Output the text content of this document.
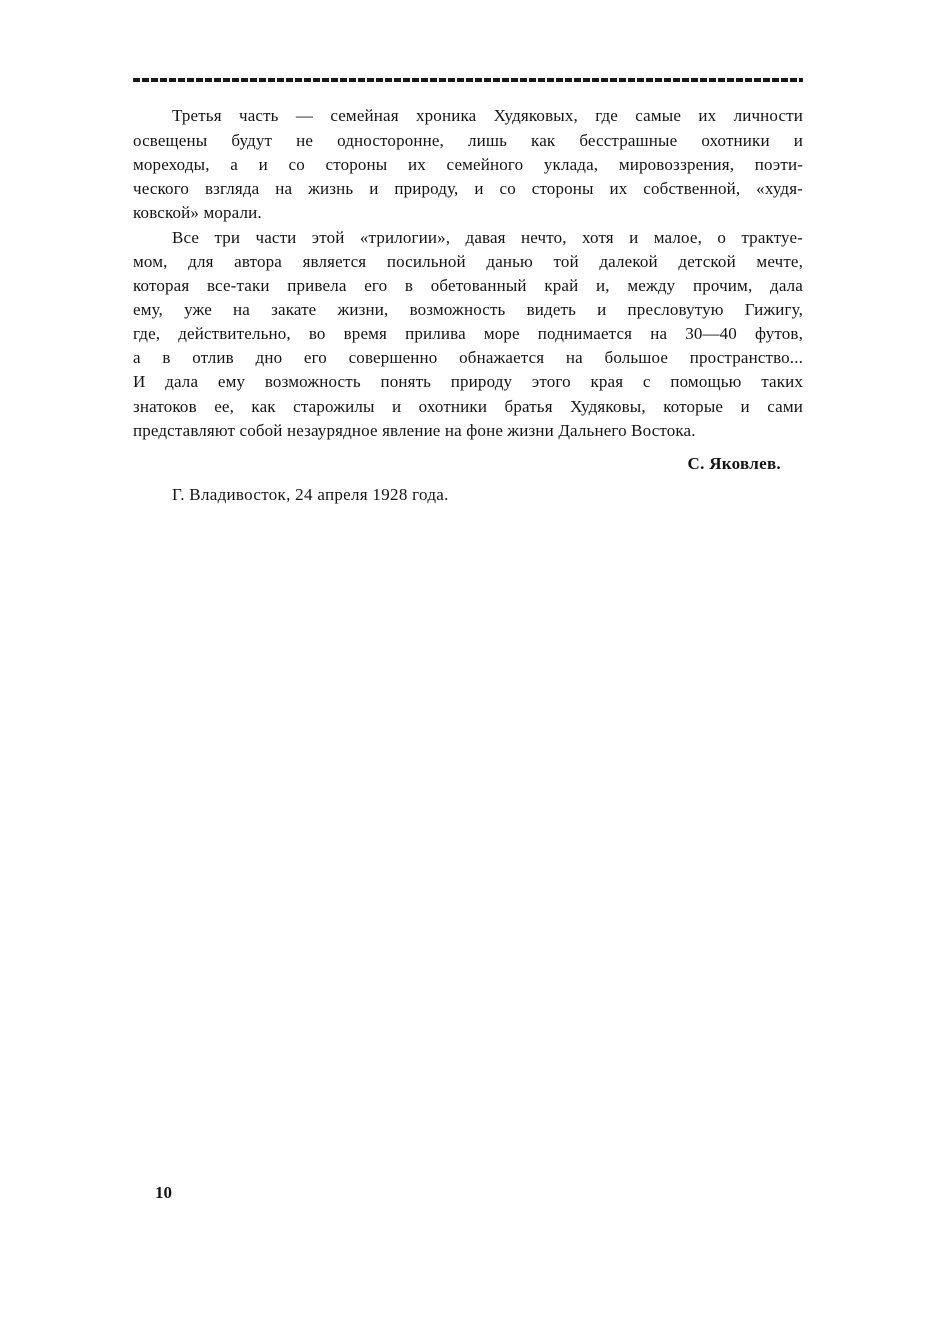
Третья часть — семейная хроника Худяковых, где самые их личности
освещены будут не односторонне, лишь как бесстрашные охотники и
мореходы, а и со стороны их семейного уклада, мировоззрения, поэти-
ческого взгляда на жизнь и природу, и со стороны их собственной, «худя-
ковской» морали.
Все три части этой «трилогии», давая нечто, хотя и малое, о трактуе-
мом, для автора является посильной данью той далекой детской мечте,
которая все-таки привела его в обетованный край и, между прочим, дала
ему, уже на закате жизни, возможность видеть и пресловутую Гижигу,
где, действительно, во время прилива море поднимается на 30—40 футов,
а в отлив дно его совершенно обнажается на большое пространство...
И дала ему возможность понять природу этого края с помощью таких
знатоков ее, как старожилы и охотники братья Худяковы, которые и сами
представляют собой незаурядное явление на фоне жизни Дальнего Востока.
С. Яковлев.
Г. Владивосток, 24 апреля 1928 года.
10
